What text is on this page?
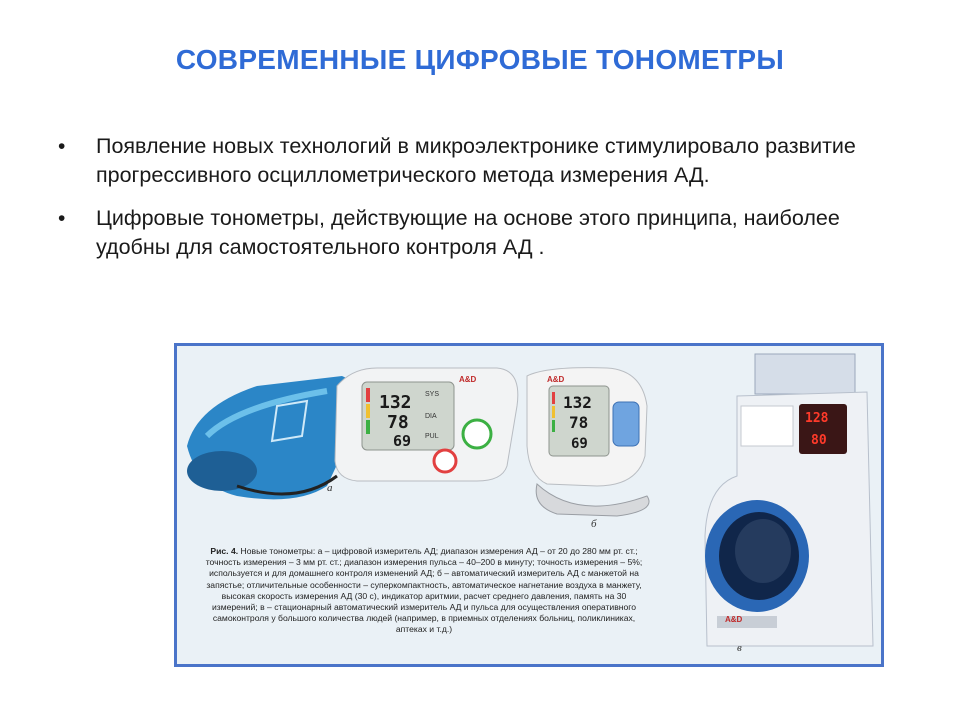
СОВРЕМЕННЫЕ ЦИФРОВЫЕ ТОНОМЕТРЫ
• Появление новых технологий в микроэлектронике стимулировало развитие прогрессивного осциллометрического метода измерения АД.
• Цифровые тонометры, действующие на основе этого принципа, наиболее удобны для самостоятельного контроля АД .
132
78
69
SYS
DIA
PUL
A&D
132
78
69
A&D
128
80
A&D
а
б
в
Рис. 4. Новые тонометры: а – цифровой измеритель АД; диапазон измерения АД – от 20 до 280 мм рт. ст.; точность измерения – 3 мм рт. ст.; диапазон измерения пульса – 40–200 в минуту; точность измерения – 5%; используется и для домашнего контроля изменений АД; б – автоматический измеритель АД с манжетой на запястье; отличительные особенности – суперкомпактность, автоматическое нагнетание воздуха в манжету, высокая скорость измерения АД (30 с), индикатор аритмии, расчет среднего давления, память на 30 измерений; в – стационарный автоматический измеритель АД и пульса для осуществления оперативного самоконтроля у большого количества людей (например, в приемных отделениях больниц, поликлиниках, аптеках и т.д.)
